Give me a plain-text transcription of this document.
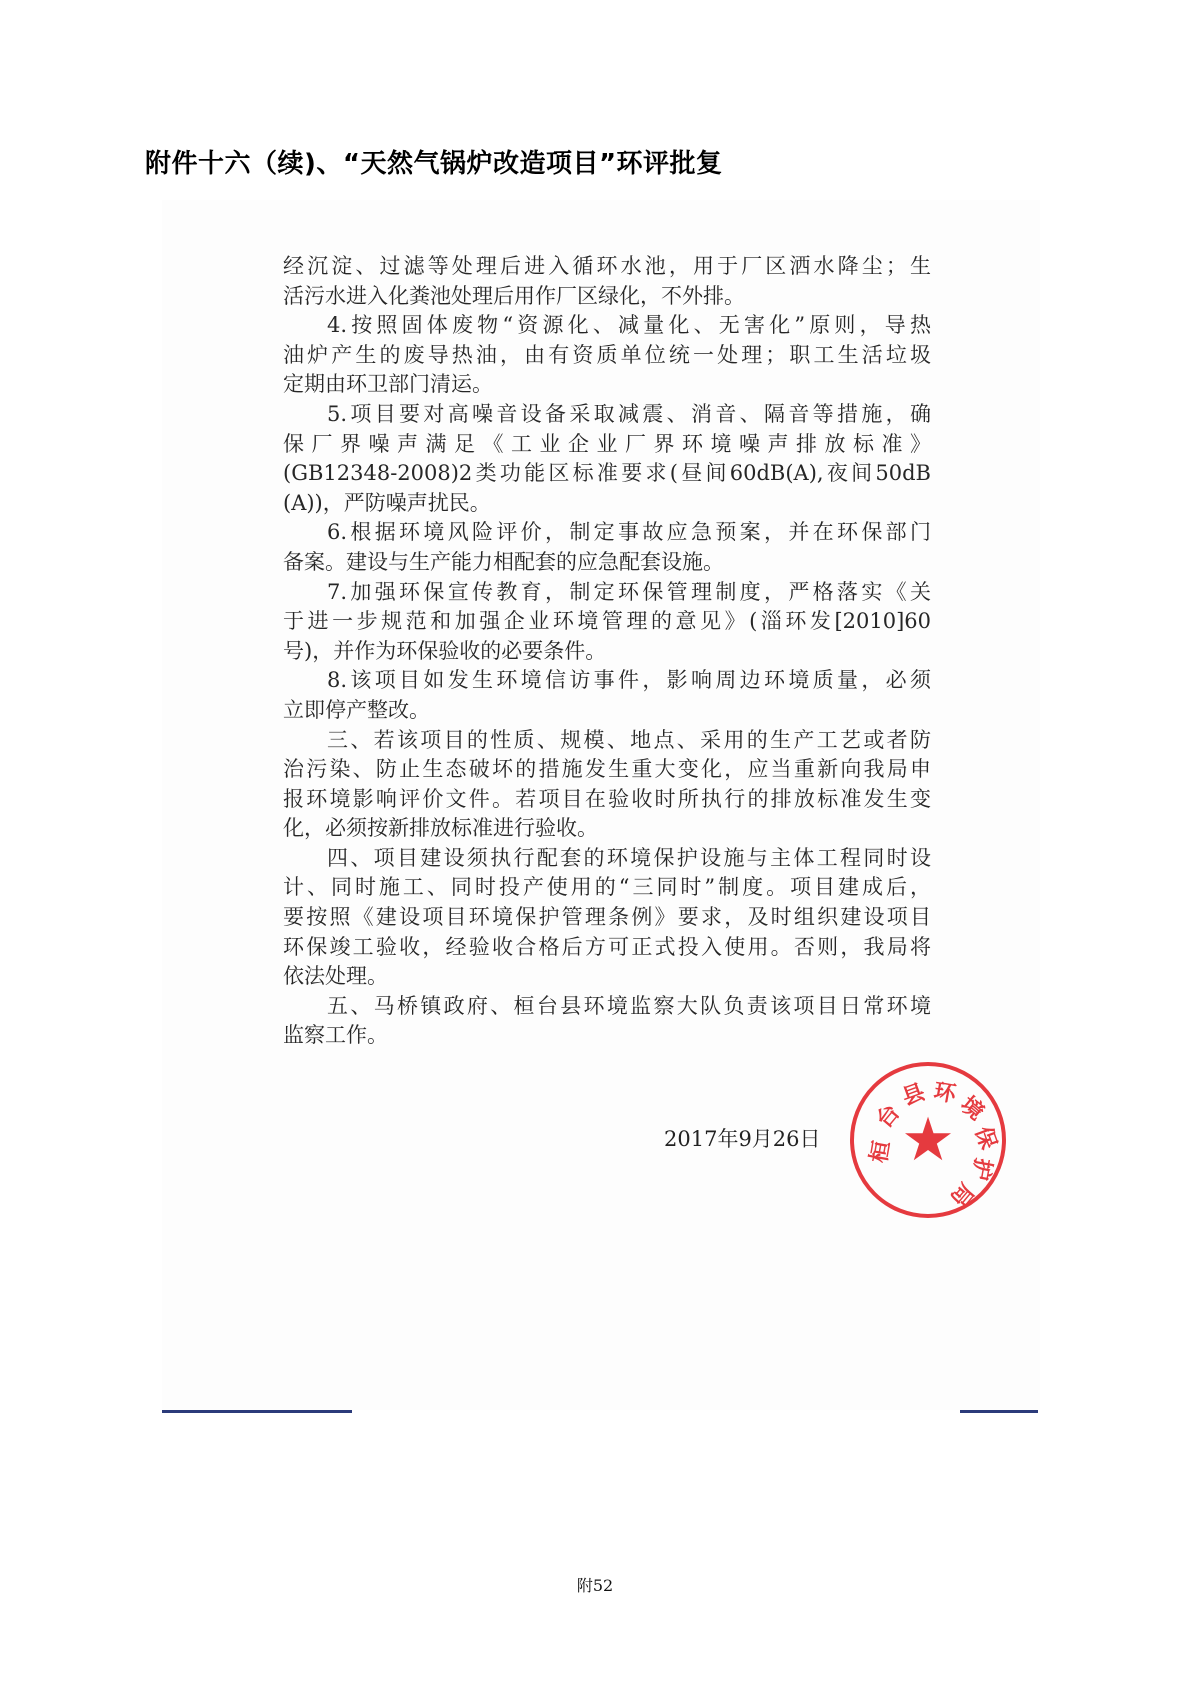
附件十六（续)、“天然气锅炉改造项目”环评批复
经沉淀、过滤等处理后进入循环水池，用于厂区洒水降尘；生
活污水进入化粪池处理后用作厂区绿化，不外排。
4.按照固体废物“资源化、减量化、无害化”原则，导热
油炉产生的废导热油，由有资质单位统一处理；职工生活垃圾
定期由环卫部门清运。
5.项目要对高噪音设备采取减震、消音、隔音等措施，确
保厂界噪声满足《工业企业厂界环境噪声排放标准》
(GB12348-2008)2类功能区标准要求(昼间60dB(A),夜间50dB
(A))，严防噪声扰民。
6.根据环境风险评价，制定事故应急预案，并在环保部门
备案。建设与生产能力相配套的应急配套设施。
7.加强环保宣传教育，制定环保管理制度，严格落实《关
于进一步规范和加强企业环境管理的意见》(淄环发[2010]60
号)，并作为环保验收的必要条件。
8.该项目如发生环境信访事件，影响周边环境质量，必须
立即停产整改。
三、若该项目的性质、规模、地点、采用的生产工艺或者防
治污染、防止生态破坏的措施发生重大变化，应当重新向我局申
报环境影响评价文件。若项目在验收时所执行的排放标准发生变
化，必须按新排放标准进行验收。
四、项目建设须执行配套的环境保护设施与主体工程同时设
计、同时施工、同时投产使用的“三同时”制度。项目建成后，
要按照《建设项目环境保护管理条例》要求，及时组织建设项目
环保竣工验收，经验收合格后方可正式投入使用。否则，我局将
依法处理。
五、马桥镇政府、桓台县环境监察大队负责该项目日常环境
监察工作。
桓
台
县 环
境
保
护
局
★
2017年9月26日
附52
